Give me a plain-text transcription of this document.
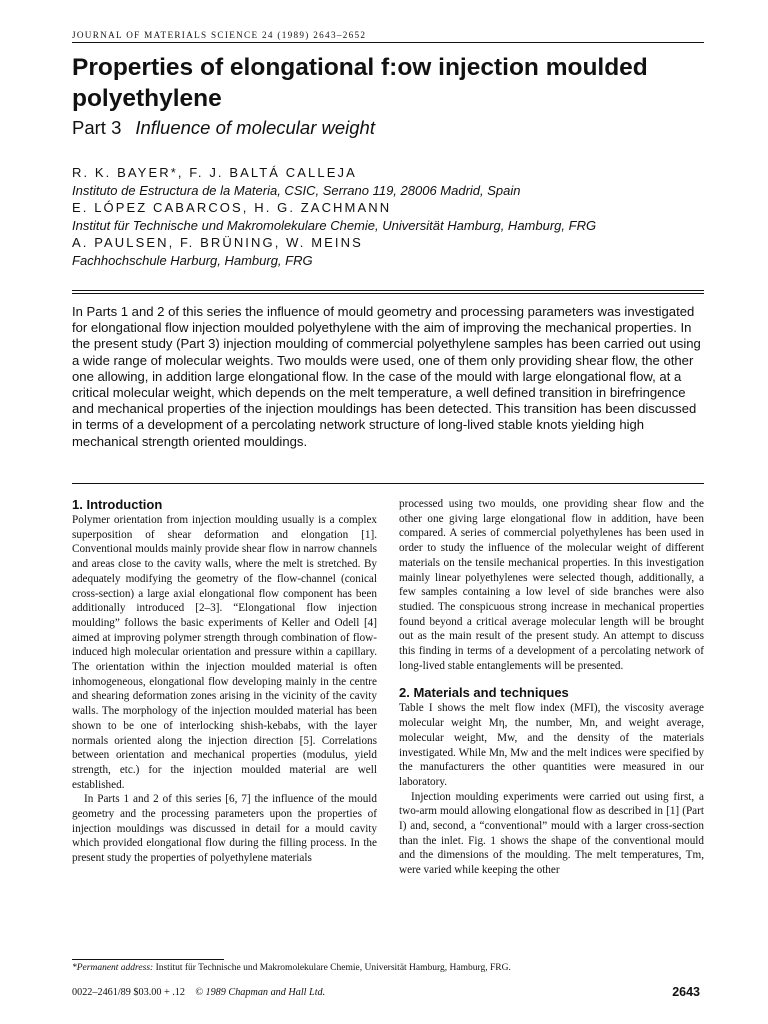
JOURNAL OF MATERIALS SCIENCE 24 (1989) 2643–2652
Properties of elongational f:ow injection moulded polyethylene
Part 3 Influence of molecular weight
R. K. BAYER*, F. J. BALTÁ CALLEJA
Instituto de Estructura de la Materia, CSIC, Serrano 119, 28006 Madrid, Spain
E. LÓPEZ CABARCOS, H. G. ZACHMANN
Institut für Technische und Makromolekulare Chemie, Universität Hamburg, Hamburg, FRG
A. PAULSEN, F. BRÜNING, W. MEINS
Fachhochschule Harburg, Hamburg, FRG

In Parts 1 and 2 of this series the influence of mould geometry and processing parameters was investigated for elongational flow injection moulded polyethylene with the aim of improving the mechanical properties. In the present study (Part 3) injection moulding of commercial polyethylene samples has been carried out using a wide range of molecular weights. Two moulds were used, one of them only providing shear flow, the other one allowing, in addition large elongational flow. In the case of the mould with large elongational flow, at a critical molecular weight, which depends on the melt temperature, a well defined transition in birefringence and mechanical properties of the injection mouldings has been detected. This transition has been discussed in terms of a development of a percolating network structure of long-lived stable knots yielding high mechanical strength oriented mouldings.

1. Introduction

Polymer orientation from injection moulding usually is a complex superposition of shear deformation and elongation [1]. Conventional moulds mainly provide shear flow in narrow channels and areas close to the cavity walls, where the melt is stretched. By adequately modifying the geometry of the flow-channel (conical cross-section) a large axial elongational flow component has been additionally introduced [2–3]. “Elongational flow injection moulding” follows the basic experiments of Keller and Odell [4] aimed at improving polymer strength through combination of flow-induced high molecular orientation and pressure within a capillary. The orientation within the injection moulded material is often inhomogeneous, elongational flow developing mainly in the centre and shearing deformation zones arising in the vicinity of the cavity walls. The morphology of the injection moulded material has been shown to be one of interlocking shish-kebabs, with the layer normals oriented along the injection direction [5]. Correlations between orientation and mechanical properties (modulus, yield strength, etc.) for the injection moulded material are well established.

In Parts 1 and 2 of this series [6, 7] the influence of the mould geometry and the processing parameters upon the properties of injection mouldings was discussed in detail for a mould cavity which provided elongational flow during the filling process. In the present study the properties of polyethylene materials

processed using two moulds, one providing shear flow and the other one giving large elongational flow in addition, have been compared. A series of commercial polyethylenes has been used in order to study the influence of the molecular weight of different materials on the tensile mechanical properties. In this investigation mainly linear polyethylenes were selected though, additionally, a few samples containing a low level of side branches were also studied. The conspicuous strong increase in mechanical properties found beyond a critical average molecular length will be brought out as the main result of the present study. An attempt to discuss this finding in terms of a development of a percolating network of long-lived stable entanglements will be presented.

2. Materials and techniques

Table I shows the melt flow index (MFI), the viscosity average molecular weight Mη, the number, Mn, and weight average, molecular weight, Mw, and the density of the materials investigated. While Mn, Mw and the melt indices were specified by the manufacturers the other quantities were measured in our laboratory.

Injection moulding experiments were carried out using first, a two-arm mould allowing elongational flow as described in [1] (Part I) and, second, a “conventional” mould with a larger cross-section than the inlet. Fig. 1 shows the shape of the conventional mould and the dimensions of the moulding. The melt temperatures, Tm, were varied while keeping the other

*Permanent address: Institut für Technische und Makromolekulare Chemie, Universität Hamburg, Hamburg, FRG.
0022–2461/89 $03.00 + .12 © 1989 Chapman and Hall Ltd.	2643
